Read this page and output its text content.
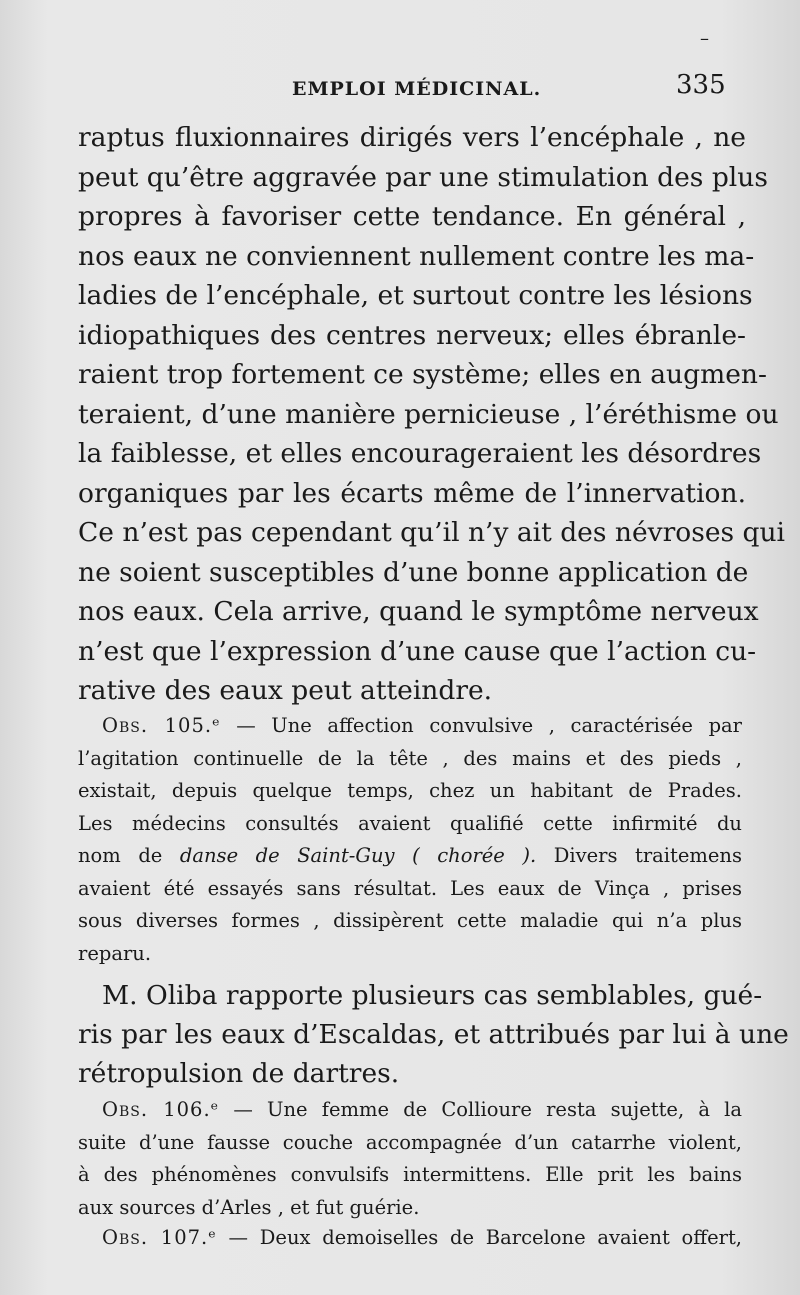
–
EMPLOI MÉDICINAL.	335
raptus fluxionnaires dirigés vers l’encéphale , ne
peut qu’être aggravée par une stimulation des plus
propres à favoriser cette tendance. En général ,
nos eaux ne conviennent nullement contre les ma-
ladies de l’encéphale, et surtout contre les lésions
idiopathiques des centres nerveux; elles ébranle-
raient trop fortement ce système; elles en augmen-
teraient, d’une manière pernicieuse , l’éréthisme ou
la faiblesse, et elles encourageraient les désordres
organiques par les écarts même de l’innervation.
Ce n’est pas cependant qu’il n’y ait des névroses qui
ne soient susceptibles d’une bonne application de
nos eaux. Cela arrive, quand le symptôme nerveux
n’est que l’expression d’une cause que l’action cu-
rative des eaux peut atteindre.
Obs. 105.ᵉ — Une affection convulsive , caractérisée par
l’agitation continuelle de la tête , des mains et des pieds ,
existait, depuis quelque temps, chez un habitant de Prades.
Les médecins consultés avaient qualifié cette infirmité du
nom de danse de Saint-Guy ( chorée ). Divers traitemens
avaient été essayés sans résultat. Les eaux de Vinça , prises
sous diverses formes , dissipèrent cette maladie qui n’a plus
reparu.
M. Oliba rapporte plusieurs cas semblables, gué-
ris par les eaux d’Escaldas, et attribués par lui à une
rétropulsion de dartres.
Obs. 106.ᵉ — Une femme de Collioure resta sujette, à la
suite d’une fausse couche accompagnée d’un catarrhe violent,
à des phénomènes convulsifs intermittens. Elle prit les bains
aux sources d’Arles , et fut guérie.
Obs. 107.ᵉ — Deux demoiselles de Barcelone avaient offert,
